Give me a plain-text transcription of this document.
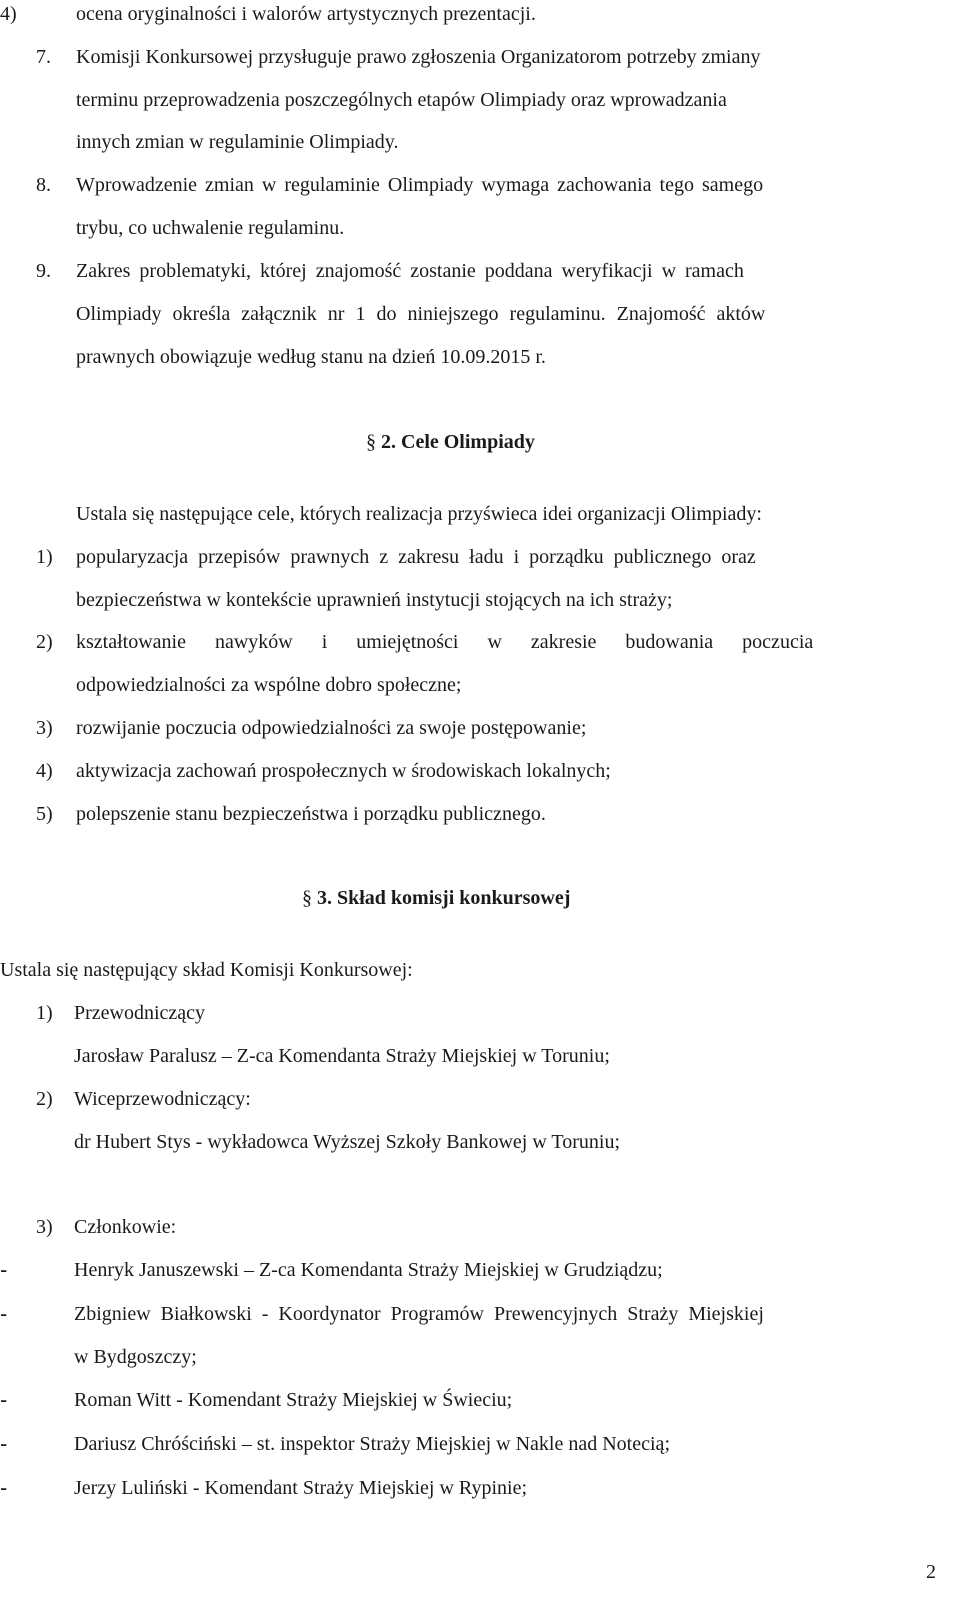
4)	ocena oryginalności i walorów artystycznych prezentacji.
7. Komisji Konkursowej przysługuje prawo zgłoszenia Organizatorom potrzeby zmiany
terminu przeprowadzenia poszczególnych etapów Olimpiady oraz wprowadzania
innych zmian w regulaminie Olimpiady.
8. Wprowadzenie zmian w regulaminie Olimpiady wymaga zachowania tego samego
trybu, co uchwalenie regulaminu.
9. Zakres problematyki, której znajomość zostanie poddana weryfikacji w ramach
Olimpiady określa załącznik nr 1 do niniejszego regulaminu. Znajomość aktów
prawnych obowiązuje według stanu na dzień 10.09.2015 r.
§ 2. Cele Olimpiady
Ustala się następujące cele, których realizacja przyświeca idei organizacji Olimpiady:
1) popularyzacja przepisów prawnych z zakresu ładu i porządku publicznego oraz
bezpieczeństwa w kontekście uprawnień instytucji stojących na ich straży;
2) kształtowanie nawyków i umiejętności w zakresie budowania poczucia
odpowiedzialności za wspólne dobro społeczne;
3) rozwijanie poczucia odpowiedzialności za swoje postępowanie;
4) aktywizacja zachowań prospołecznych w środowiskach lokalnych;
5) polepszenie stanu bezpieczeństwa i porządku publicznego.
§ 3. Skład komisji konkursowej
Ustala się następujący skład Komisji Konkursowej:
1) Przewodniczący
Jarosław Paralusz – Z-ca Komendanta Straży Miejskiej w Toruniu;
2) Wiceprzewodniczący:
dr Hubert Stys - wykładowca Wyższej Szkoły Bankowej w Toruniu;
3) Członkowie:
-	Henryk Januszewski – Z-ca Komendanta Straży Miejskiej w Grudziądzu;
-	Zbigniew Białkowski - Koordynator Programów Prewencyjnych Straży Miejskiej
w Bydgoszczy;
-	Roman Witt - Komendant Straży Miejskiej w Świeciu;
-	Dariusz Chróściński – st. inspektor Straży Miejskiej w Nakle nad Notecią;
-	Jerzy Luliński - Komendant Straży Miejskiej w Rypinie;
2
